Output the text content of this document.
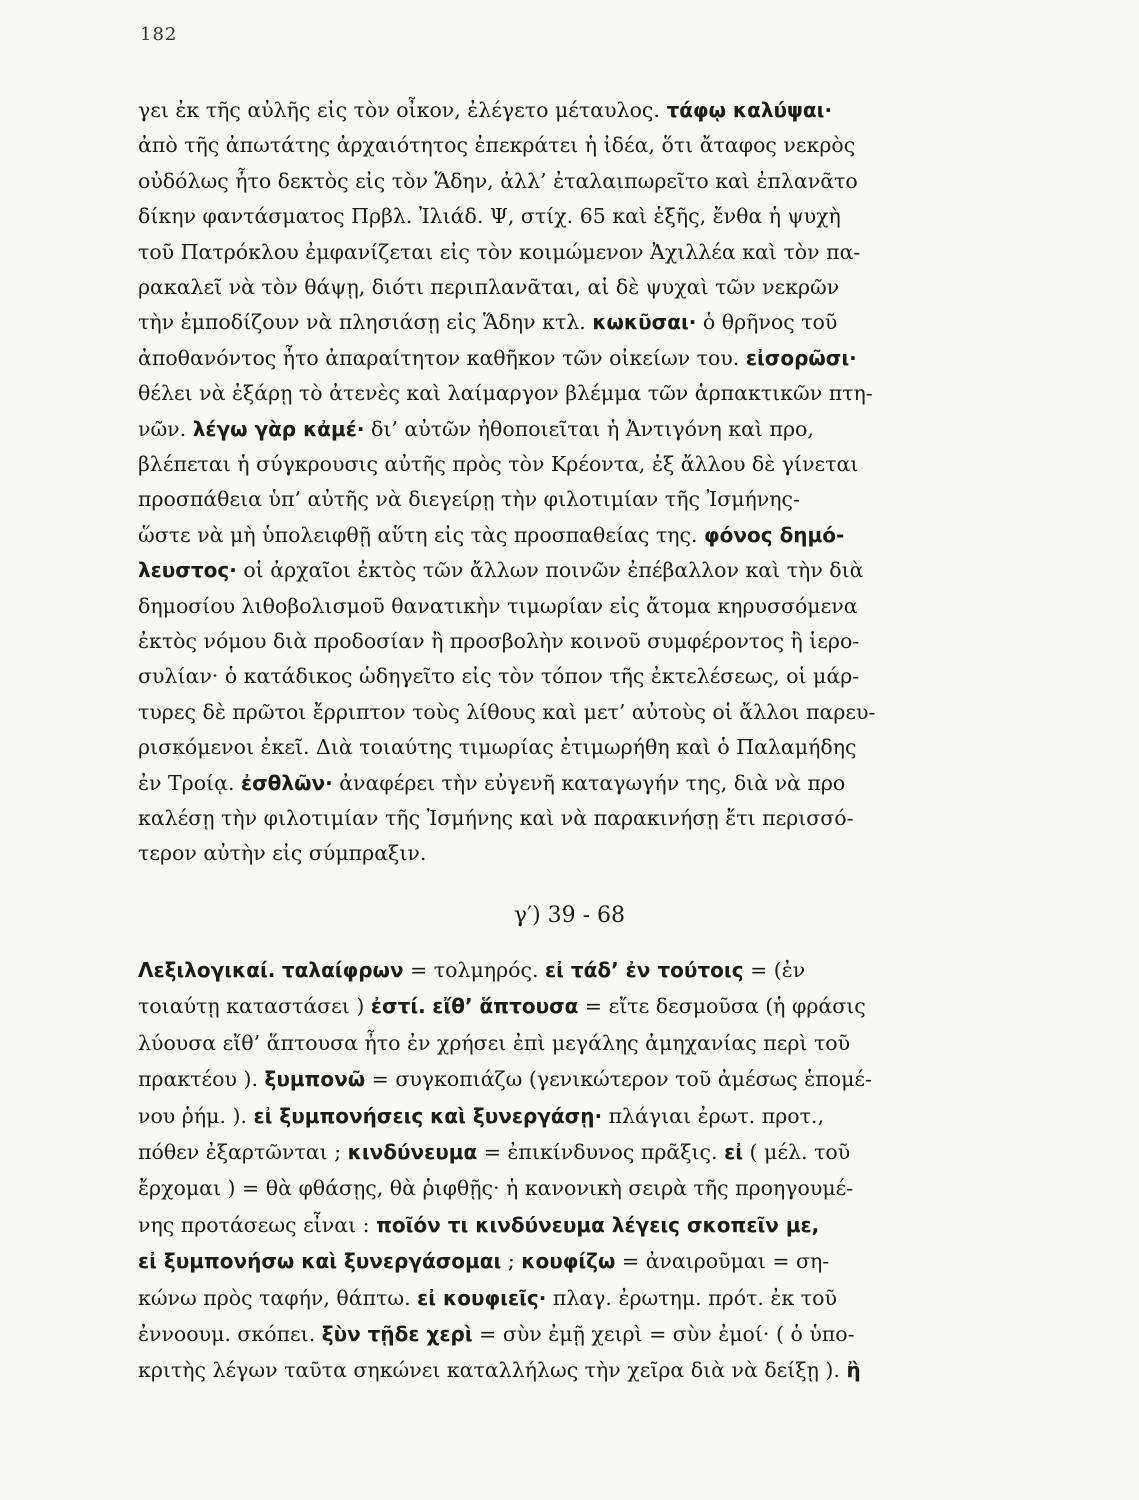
182
γει ἐκ τῆς αὐλῆς εἰς τὸν οἶκον, ἐλέγετο μέταυλος. τάφῳ καλύψαι·
ἀπὸ τῆς ἀπωτάτης ἀρχαιότητος ἐπεκράτει ἡ ἰδέα, ὅτι ἄταφος νεκρὸς
οὐδόλως ἦτο δεκτὸς εἰς τὸν Ἅδην, ἀλλ’ ἐταλαιπωρεῖτο καὶ ἐπλανᾶτο
δίκην φαντάσματος Πρβλ. Ἰλιάδ. Ψ, στίχ. 65 καὶ ἑξῆς, ἔνθα ἡ ψυχὴ
τοῦ Πατρόκλου ἐμφανίζεται εἰς τὸν κοιμώμενον Ἀχιλλέα καὶ τὸν πα-
ρακαλεῖ νὰ τὸν θάψῃ, διότι περιπλανᾶται, αἱ δὲ ψυχαὶ τῶν νεκρῶν
τὴν ἐμποδίζουν νὰ πλησιάσῃ εἰς Ἅδην κτλ. κωκῦσαι· ὁ θρῆνος τοῦ
ἀποθανόντος ἦτο ἀπαραίτητον καθῆκον τῶν οἰκείων του. εἰσορῶσι·
θέλει νὰ ἐξάρῃ τὸ ἀτενὲς καὶ λαίμαργον βλέμμα τῶν ἁρπακτικῶν πτη-
νῶν. λέγω γὰρ κἀμέ· δι’ αὐτῶν ἠθοποιεῖται ἡ Ἀντιγόνη καὶ προ,
βλέπεται ἡ σύγκρουσις αὐτῆς πρὸς τὸν Κρέοντα, ἐξ ἄλλου δὲ γίνεται
προσπάθεια ὑπ’ αὐτῆς νὰ διεγείρῃ τὴν φιλοτιμίαν τῆς Ἰσμήνης-
ὥστε νὰ μὴ ὑπολειφθῇ αὕτη εἰς τὰς προσπαθείας της. φόνος δημό-
λευστος· οἱ ἀρχαῖοι ἐκτὸς τῶν ἄλλων ποινῶν ἐπέβαλλον καὶ τὴν διὰ
δημοσίου λιθοβολισμοῦ θανατικὴν τιμωρίαν εἰς ἄτομα κηρυσσόμενα
ἐκτὸς νόμου διὰ προδοσίαν ἢ προσβολὴν κοινοῦ συμφέροντος ἢ ἱερο-
συλίαν· ὁ κατάδικος ὡδηγεῖτο εἰς τὸν τόπον τῆς ἐκτελέσεως, οἱ μάρ-
τυρες δὲ πρῶτοι ἔρριπτον τοὺς λίθους καὶ μετ’ αὐτοὺς οἱ ἄλλοι παρευ-
ρισκόμενοι ἐκεῖ. Διὰ τοιαύτης τιμωρίας ἐτιμωρήθη καὶ ὁ Παλαμήδης
ἐν Τροίᾳ. ἐσθλῶν· ἀναφέρει τὴν εὐγενῆ καταγωγήν της, διὰ νὰ προ
καλέσῃ τὴν φιλοτιμίαν τῆς Ἰσμήνης καὶ νὰ παρακινήσῃ ἔτι περισσό-
τερον αὐτὴν εἰς σύμπραξιν.
γ′) 39 - 68
Λεξιλογικαί. ταλαίφρων = τολμηρός. εἰ τάδ’ ἐν τούτοις = (ἐν
τοιαύτῃ καταστάσει ) ἐστί. εἴθ’ ἅπτουσα = εἴτε δεσμοῦσα (ἡ φράσις
λύουσα εἴθ’ ἅπτουσα ἦτο ἐν χρήσει ἐπὶ μεγάλης ἀμηχανίας περὶ τοῦ
πρακτέου ). ξυμπονῶ = συγκοπιάζω (γενικώτερον τοῦ ἀμέσως ἑπομέ-
νου ῥήμ. ). εἰ ξυμπονήσεις καὶ ξυνεργάσῃ· πλάγιαι ἐρωτ. προτ.,
πόθεν ἐξαρτῶνται ; κινδύνευμα = ἐπικίνδυνος πρᾶξις. εἰ ( μέλ. τοῦ
ἔρχομαι ) = θὰ φθάσῃς, θὰ ῥιφθῇς· ἡ κανονικὴ σειρὰ τῆς προηγουμέ-
νης προτάσεως εἶναι : ποῖόν τι κινδύνευμα λέγεις σκοπεῖν με,
εἰ ξυμπονήσω καὶ ξυνεργάσομαι ; κουφίζω = ἀναιροῦμαι = ση-
κώνω πρὸς ταφήν, θάπτω. εἰ κουφιεῖς· πλαγ. ἐρωτημ. πρότ. ἐκ τοῦ
ἐννοουμ. σκόπει. ξὺν τῇδε χερὶ = σὺν ἐμῇ χειρὶ = σὺν ἐμοί· ( ὁ ὑπο-
κριτὴς λέγων ταῦτα σηκώνει καταλλήλως τὴν χεῖρα διὰ νὰ δείξῃ ). ἢ
